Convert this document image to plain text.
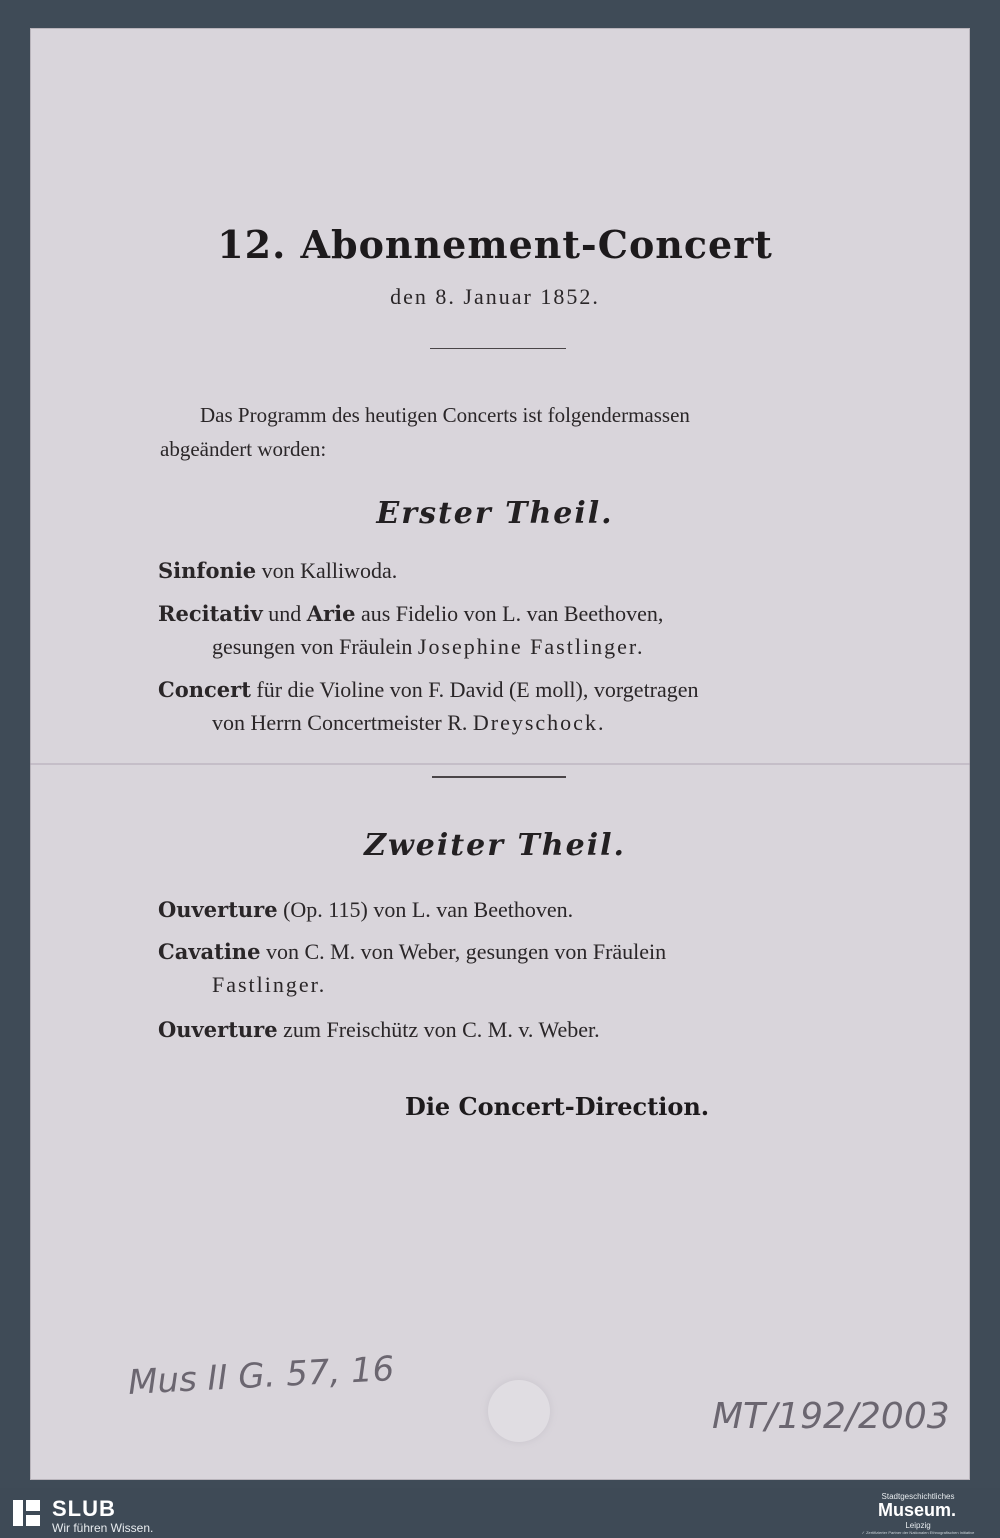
12. Abonnement-Concert
den 8. Januar 1852.
Das Programm des heutigen Concerts ist folgendermassen
abgeändert worden:
Erster Theil.
Sinfonie von Kalliwoda.
Recitativ und Arie aus Fidelio von L. van Beethoven,
gesungen von Fräulein Josephine Fastlinger.
Concert für die Violine von F. David (E moll), vorgetragen
von Herrn Concertmeister R. Dreyschock.
Zweiter Theil.
Ouverture (Op. 115) von L. van Beethoven.
Cavatine von C. M. von Weber, gesungen von Fräulein
Fastlinger.
Ouverture zum Freischütz von C. M. v. Weber.
Die Concert-Direction.
Mus II G. 57, 16
MT/192/2003
SLUB
Wir führen Wissen.
Stadtgeschichtliches
Museum.
Leipzig
✓ Zertifizierter Partner der Nationalen Ethnografischen Initiative
